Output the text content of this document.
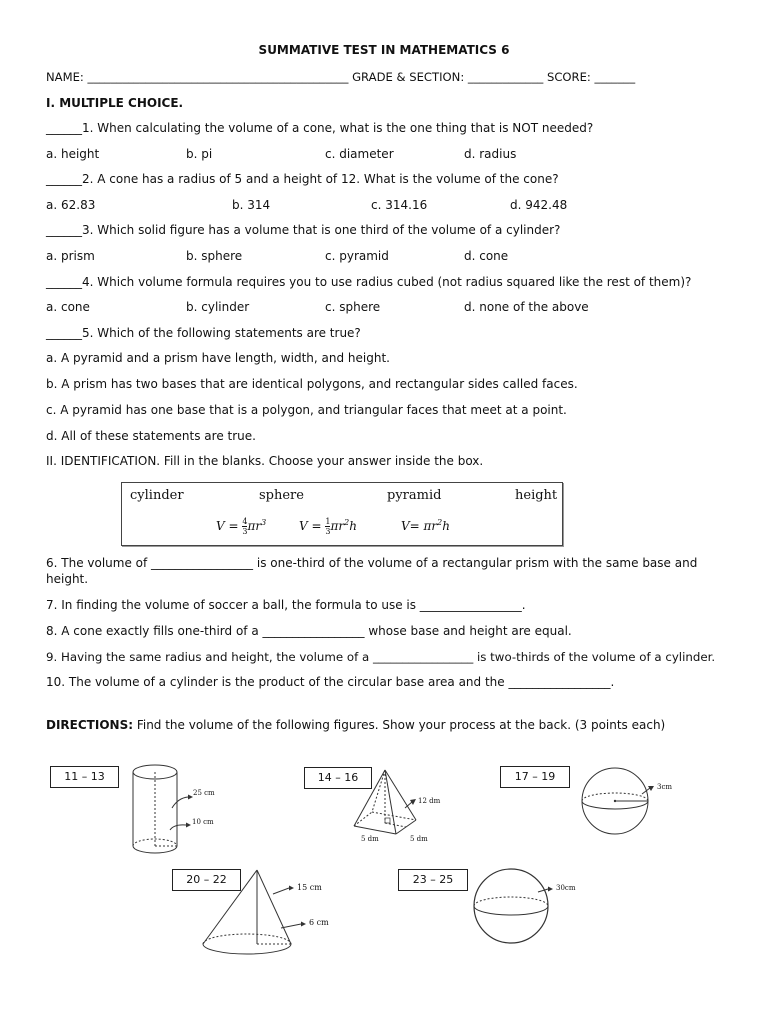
SUMMATIVE TEST IN MATHEMATICS 6
NAME: _____________________________________________ GRADE & SECTION: _____________ SCORE: _______
I. MULTIPLE CHOICE.
______1. When calculating the volume of a cone, what is the one thing that is NOT needed?
a. height	b. pi	c. diameter	d. radius
______2. A cone has a radius of 5 and a height of 12. What is the volume of the cone?
a. 62.83	b. 314	c. 314.16	d. 942.48
______3. Which solid figure has a volume that is one third of the volume of a cylinder?
a. prism	b. sphere	c. pyramid	d. cone
______4. Which volume formula requires you to use radius cubed (not radius squared like the rest of them)?
a. cone	b. cylinder	c. sphere	d. none of the above
______5. Which of the following statements are true?
a. A pyramid and a prism have length, width, and height.
b. A prism has two bases that are identical polygons, and rectangular sides called faces.
c. A pyramid has one base that is a polygon, and triangular faces that meet at a point.
d. All of these statements are true.
II. IDENTIFICATION. Fill in the blanks. Choose your answer inside the box.
cylinder	sphere	pyramid	height
$V = \frac{4}{3} \pi r^3$	$V = \frac{1}{3} \pi r^2h$	$V= \pi r^2h$
6. The volume of _________________ is one-third of the volume of a rectangular prism with the same base and height.
7. In finding the volume of soccer a ball, the formula to use is _________________.
8. A cone exactly fills one-third of a _________________ whose base and height are equal.
9. Having the same radius and height, the volume of a _________________ is two-thirds of the volume of a cylinder.
10. The volume of a cylinder is the product of the circular base area and the _________________.
DIRECTIONS: Find the volume of the following figures. Show your process at the back. (3 points each)
11 – 13	14 – 16	17 – 19
20 – 22	23 – 25
25 cm
10 cm
12 dm
5 dm	5 dm
3cm
15 cm
6 cm
30cm
